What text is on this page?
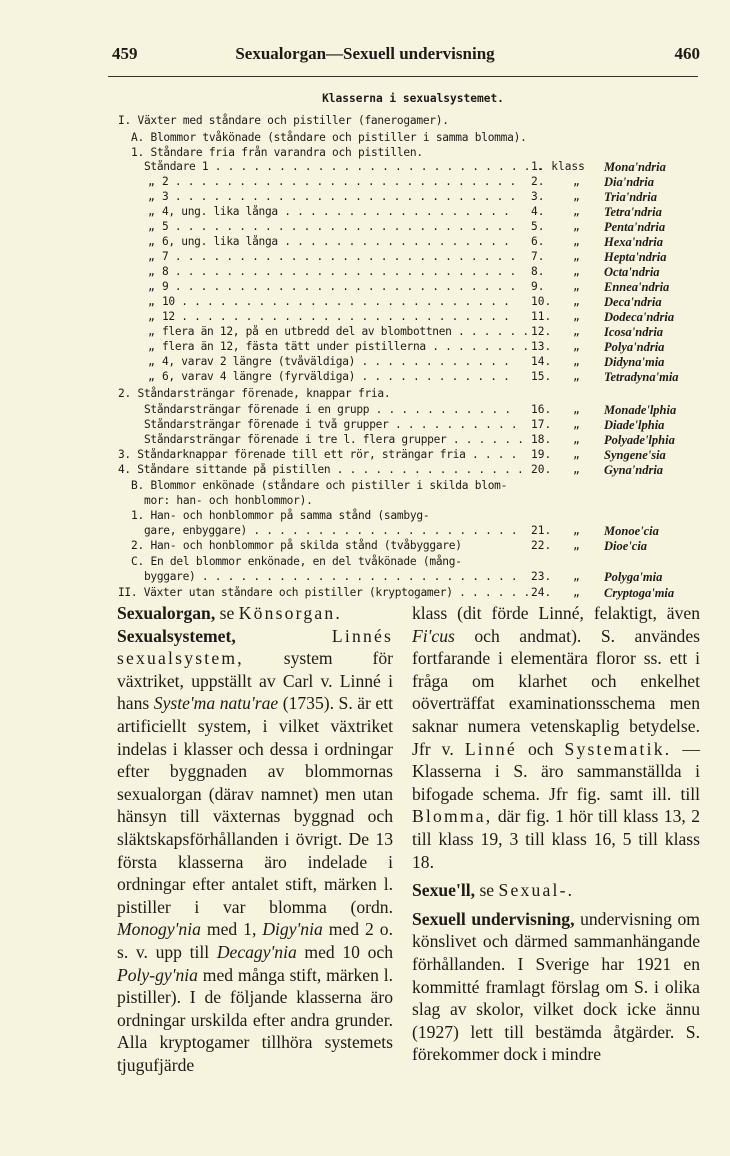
459	Sexualorgan—Sexuell undervisning	460
Klasserna i sexualsystemet.
I. Växter med ståndare och pistiller (fanerogamer).
A. Blommor tvåkönade (ståndare och pistiller i samma blomma).
1. Ståndare fria från varandra och pistillen.
Ståndare 1 . . .	1. klass Mona'ndria
„ 2 . . .	2.	„ Dia'ndria
„ 3 . . .	3.	„ Tria'ndria
„ 4, ung. lika långa . . .	4.	„ Tetra'ndria
„ 5 . . .	5.	„ Penta'ndria
„ 6, ung. lika långa . . .	6.	„ Hexa'ndria
„ 7 . . .	7.	„ Hepta'ndria
„ 8 . . .	8.	„ Octa'ndria
„ 9 . . .	9.	„ Ennea'ndria
„ 10 . . .	10. „ Deca'ndria
„ 12 . . .	11. „ Dodeca'ndria
„ flera än 12, på en utbredd del av blombottnen . . .	12. „ Icosa'ndria
„ flera än 12, fästa tätt under pistillerna . . .	13. „ Polya'ndria
„ 4, varav 2 längre (tvåväldiga) . . .	14. „ Didyna'mia
„ 6, varav 4 längre (fyrväldiga) . . .	15. „ Tetradyna'mia
2. Ståndarsträngar förenade, knappar fria.
Ståndarsträngar förenade i en grupp . . .	16. „ Monade'lphia
Ståndarsträngar förenade i två grupper . . .	17. „ Diade'lphia
Ståndarsträngar förenade i tre l. flera grupper . . .	18. „ Polyade'lphia
3. Ståndarknappar förenade till ett rör, strängar fria . . .	19. „ Syngene'sia
4. Ståndare sittande på pistillen . . .	20. „ Gyna'ndria
B. Blommor enkönade (ståndare och pistiller i skilda blom-
mor: han- och honblommor).
1. Han- och honblommor på samma stånd (sambyg-
gare, enbyggare) . . .	21. „ Monoe'cia
2. Han- och honblommor på skilda stånd (tvåbyggare)	22. „ Dioe'cia
C. En del blommor enkönade, en del tvåkönade (mång-
byggare) . . .	23. „ Polyga'mia
II. Växter utan ståndare och pistiller (kryptogamer) . . .	24. „ Cryptoga'mia

Sexualorgan, se Könsorgan.

Sexualsystemet, Linnés sexualsystem, system för växtriket, uppställt av Carl v. Linné i hans Syste'ma natu'rae (1735). S. är ett artificiellt system, i vilket växtriket indelas i klasser och dessa i ordningar efter byggnaden av blommornas sexualorgan (därav namnet) men utan hänsyn till växternas byggnad och släktskapsförhållanden i övrigt. De 13 första klasserna äro indelade i ordningar efter antalet stift, märken l. pistiller i var blomma (ordn. Monogy'nia med 1, Digy'nia med 2 o. s. v. upp till Decagy'nia med 10 och Poly-gy'nia med många stift, märken l. pistiller). I de följande klasserna äro ordningar urskilda efter andra grunder. Alla kryptogamer tillhöra systemets tjugufjärde

klass (dit förde Linné, felaktigt, även Fi'cus och andmat). S. användes fortfarande i elementära floror ss. ett i fråga om klarhet och enkelhet oöverträffat examinationsschema men saknar numera vetenskaplig betydelse. Jfr v. Linné och Systematik. — Klasserna i S. äro sammanställda i bifogade schema. Jfr fig. samt ill. till Blomma, där fig. 1 hör till klass 13, 2 till klass 19, 3 till klass 16, 5 till klass 18.

Sexue'll, se Sexual-.

Sexuell undervisning, undervisning om könslivet och därmed sammanhängande förhållanden. I Sverige har 1921 en kommitté framlagt förslag om S. i olika slag av skolor, vilket dock icke ännu (1927) lett till bestämda åtgärder. S. förekommer dock i mindre
